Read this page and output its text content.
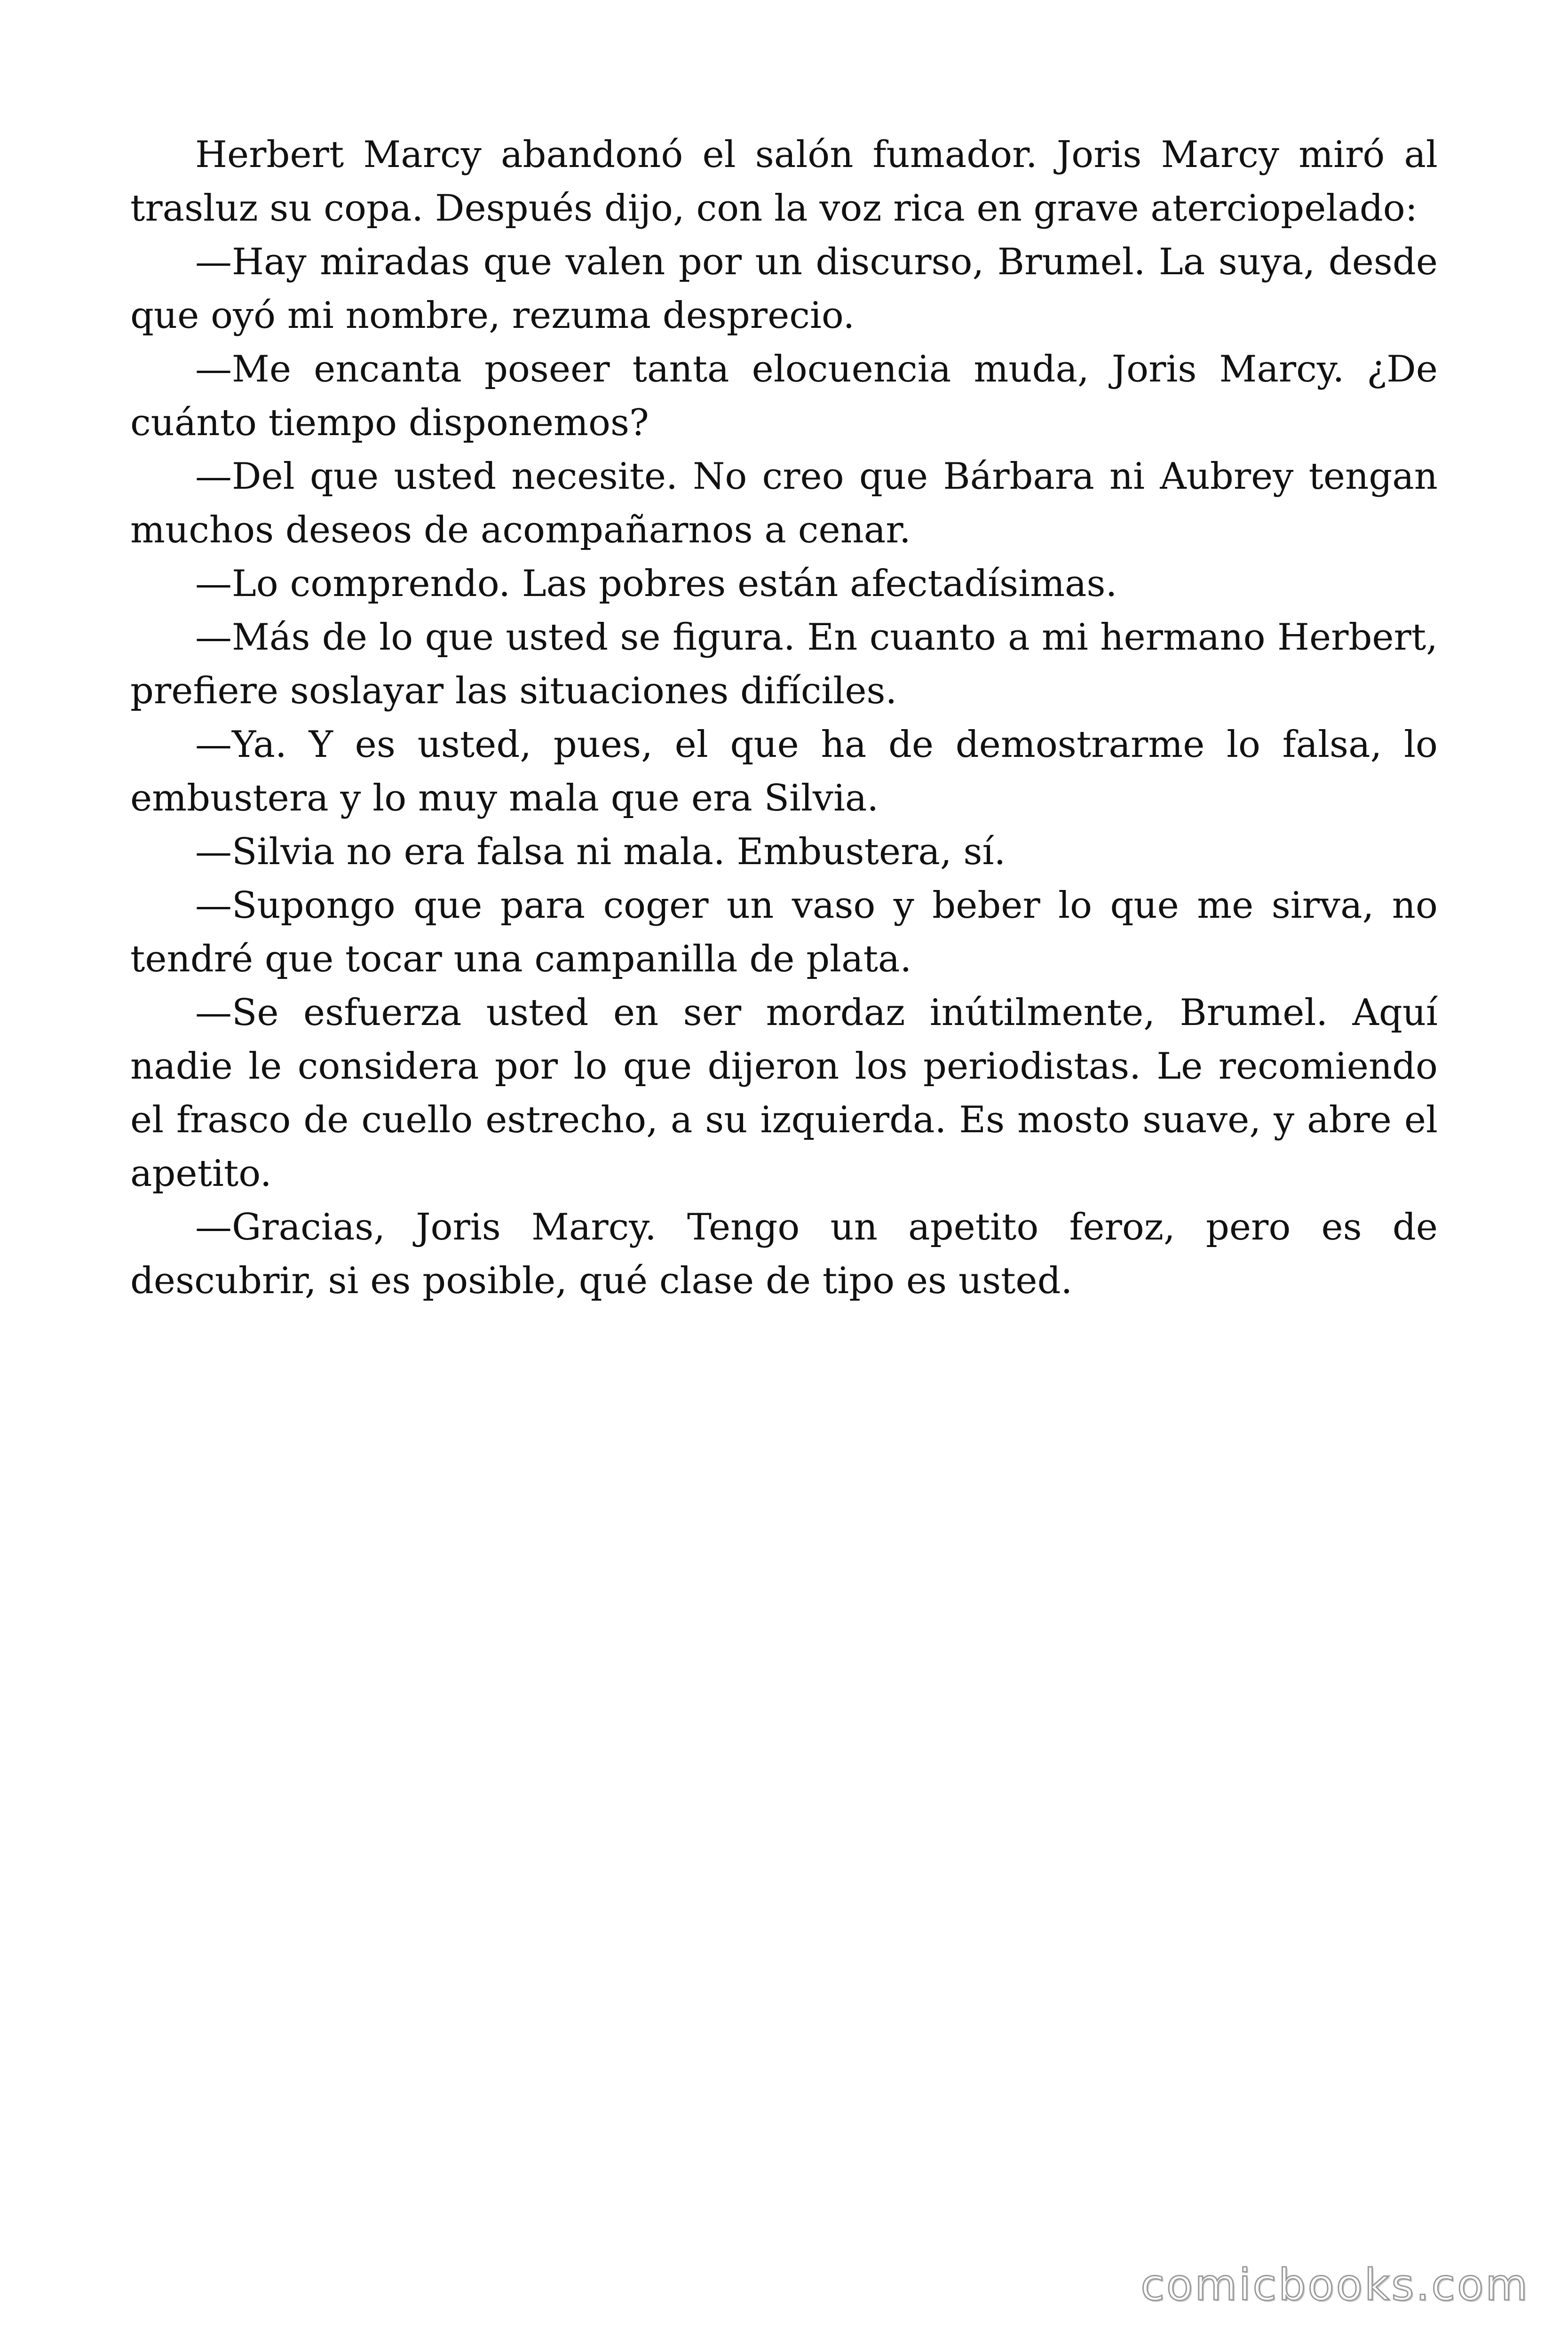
Herbert Marcy abandonó el salón fumador. Joris Marcy miró al trasluz su copa. Después dijo, con la voz rica en grave aterciopelado:

—Hay miradas que valen por un discurso, Brumel. La suya, desde que oyó mi nombre, rezuma desprecio.

—Me encanta poseer tanta elocuencia muda, Joris Marcy. ¿De cuánto tiempo disponemos?

—Del que usted necesite. No creo que Bárbara ni Aubrey tengan muchos deseos de acompañarnos a cenar.

—Lo comprendo. Las pobres están afectadísimas.

—Más de lo que usted se figura. En cuanto a mi hermano Herbert, prefiere soslayar las situaciones difíciles.

—Ya. Y es usted, pues, el que ha de demostrarme lo falsa, lo embustera y lo muy mala que era Silvia.

—Silvia no era falsa ni mala. Embustera, sí.

—Supongo que para coger un vaso y beber lo que me sirva, no tendré que tocar una campanilla de plata.

—Se esfuerza usted en ser mordaz inútilmente, Brumel. Aquí nadie le considera por lo que dijeron los periodistas. Le recomiendo el frasco de cuello estrecho, a su izquierda. Es mosto suave, y abre el apetito.

—Gracias, Joris Marcy. Tengo un apetito feroz, pero es de descubrir, si es posible, qué clase de tipo es usted.

comicbooks.com
